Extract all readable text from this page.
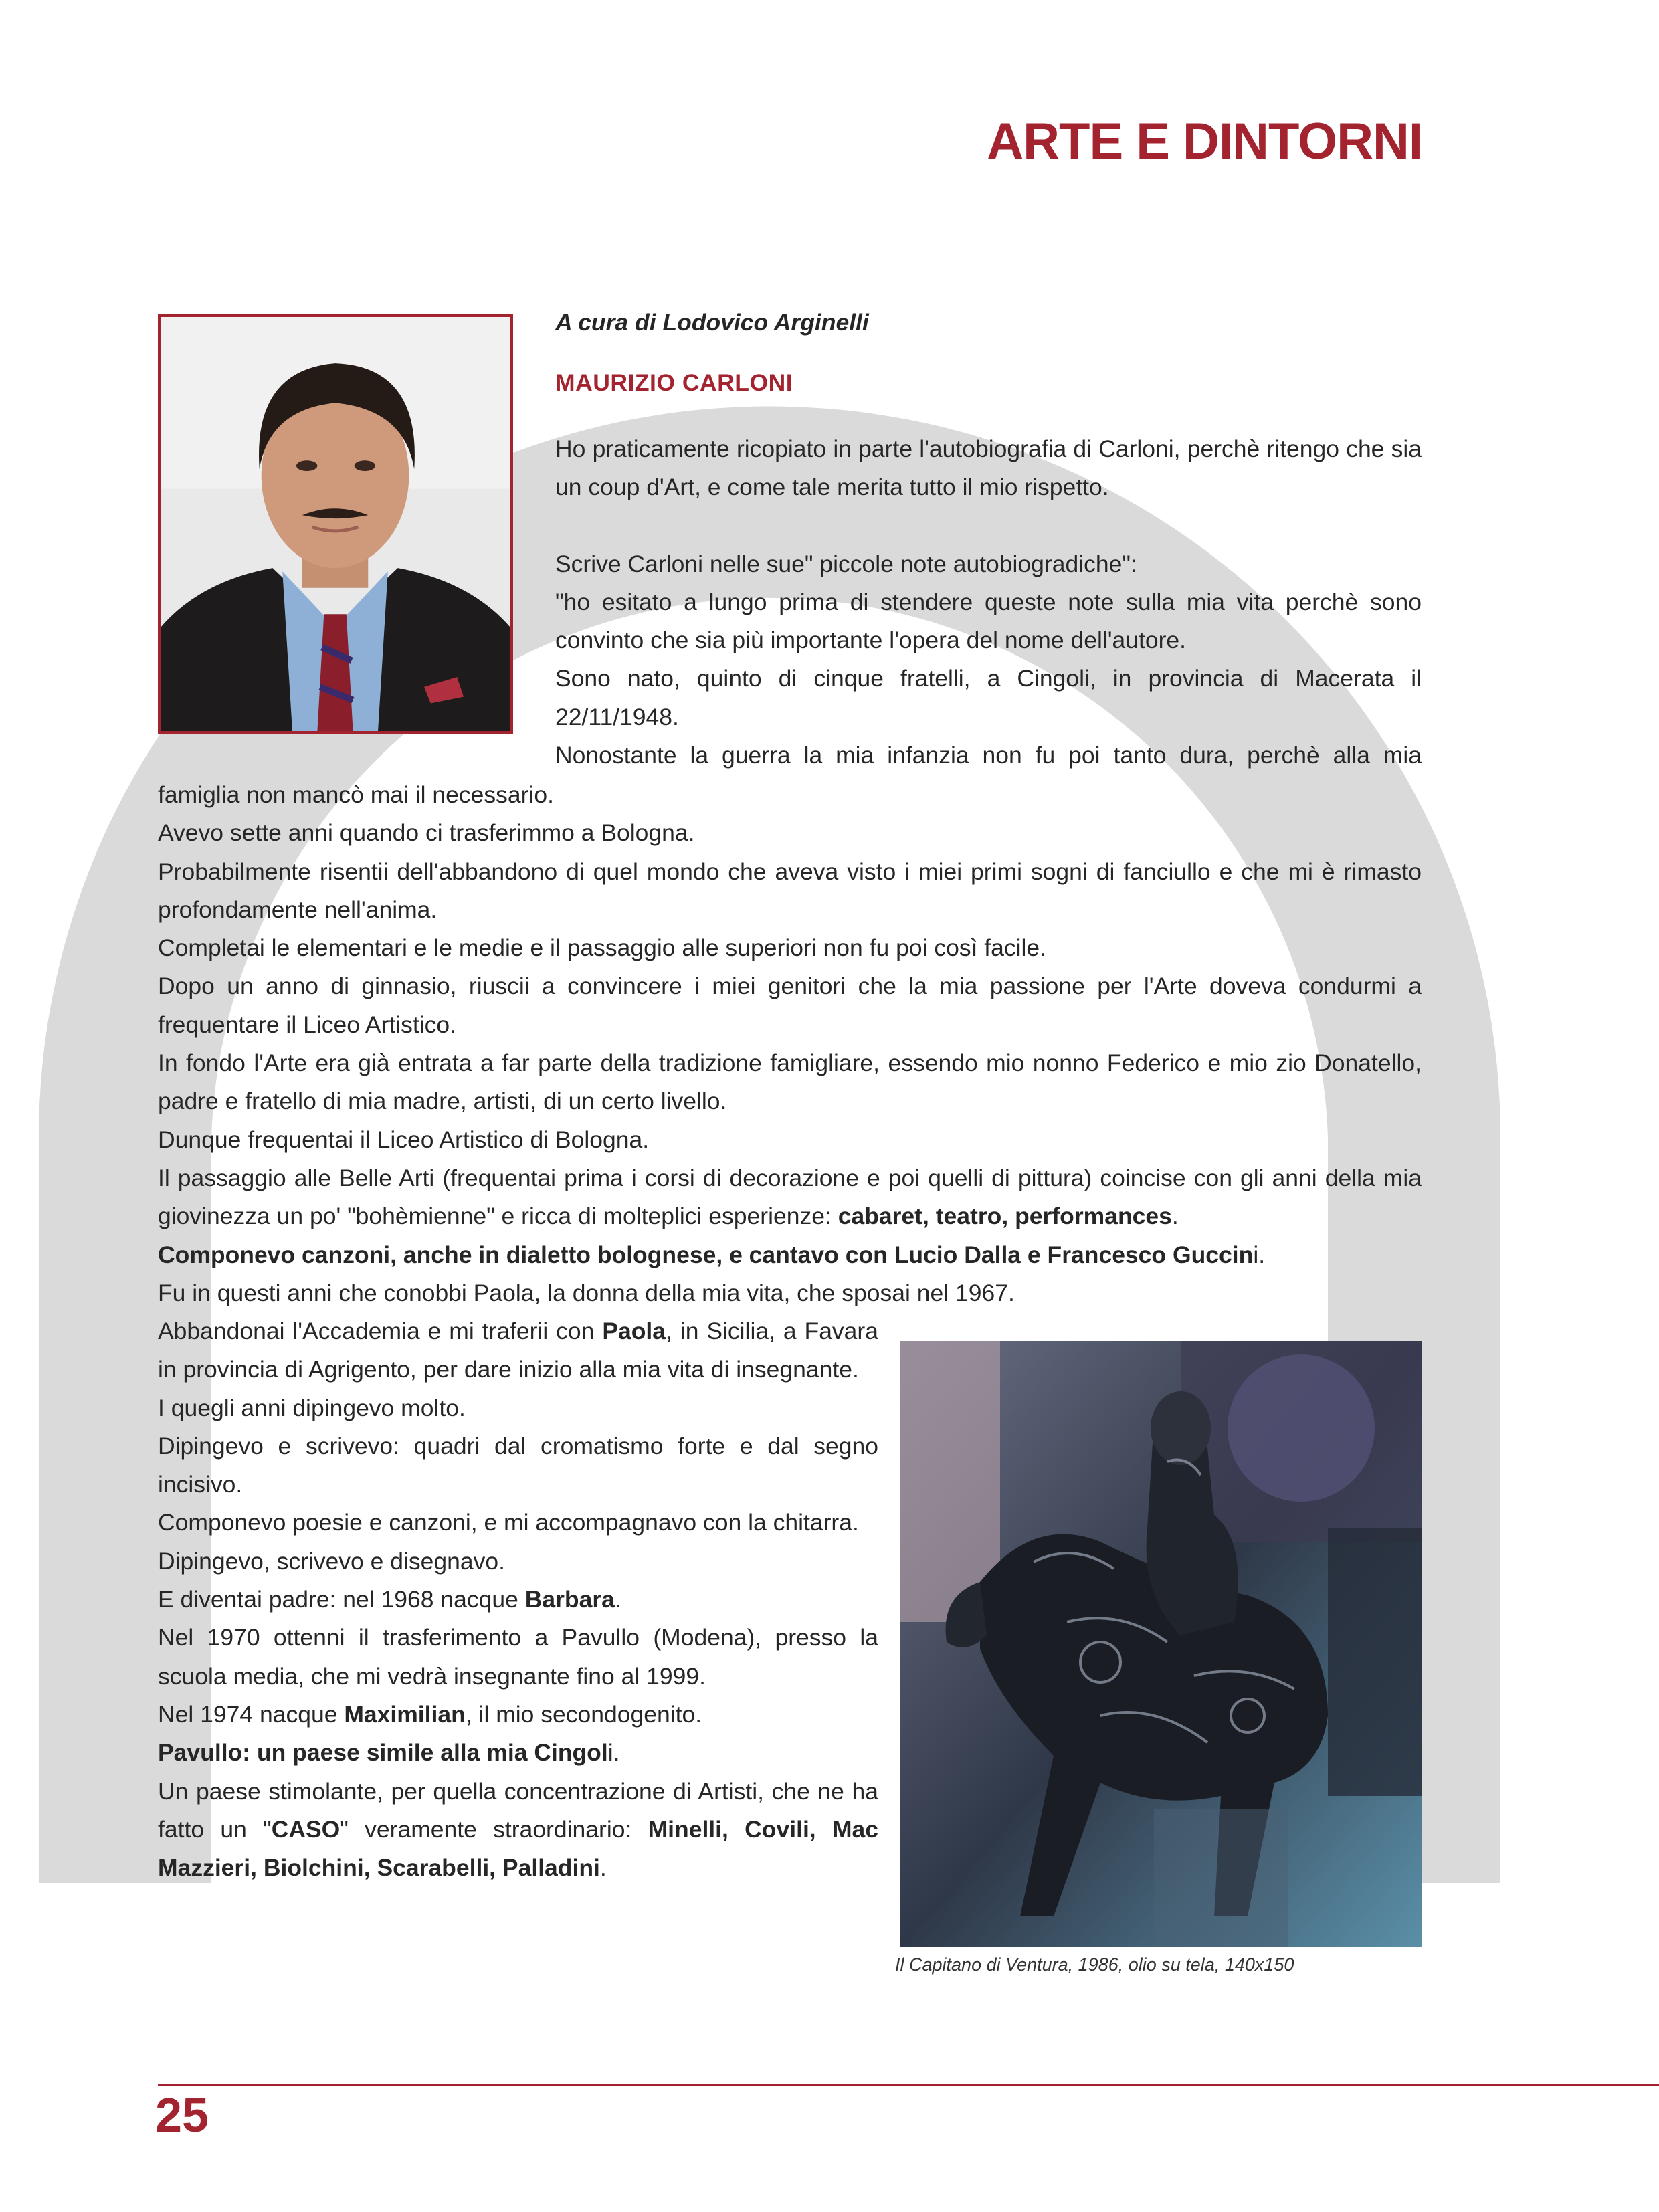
ARTE E DINTORNI
A cura di Lodovico Arginelli
MAURIZIO CARLONI

Ho praticamente ricopiato in parte l'autobiografia di Carloni, perchè ritengo che sia un coup d'Art, e come tale merita tutto il mio rispetto.

Scrive Carloni nelle sue" piccole note autobiogradiche":

"ho esitato a lungo prima di stendere queste note sulla mia vita perchè sono convinto che sia più importante l'opera del nome dell'autore.

Sono nato, quinto di cinque fratelli, a Cingoli, in provincia di Macerata il 22/11/1948.

Nonostante la guerra la mia infanzia non fu poi tanto dura, perchè alla mia

famiglia non mancò mai il necessario.

Avevo sette anni quando ci trasferimmo a Bologna.

Probabilmente risentii dell'abbandono di quel mondo che aveva visto i miei primi sogni di fanciullo e che mi è rimasto profondamente nell'anima.

Completai le elementari e le medie e il passaggio alle superiori non fu poi così facile.

Dopo un anno di ginnasio, riuscii a convincere i miei genitori che la mia passione per l'Arte doveva condurmi a frequentare il Liceo Artistico.

In fondo l'Arte era già entrata a far parte della tradizione famigliare, essendo mio nonno Federico e mio zio Donatello, padre e fratello di mia madre, artisti, di un certo livello.

Dunque frequentai il Liceo Artistico di Bologna.

Il passaggio alle Belle Arti (frequentai prima i corsi di decorazione e poi quelli di pittura) coincise con gli anni della mia giovinezza un po' "bohèmienne" e ricca di molteplici esperienze: cabaret, teatro, performances.

Componevo canzoni, anche in dialetto bolognese, e cantavo con Lucio Dalla e Francesco Guccini.

Fu in questi anni che conobbi Paola, la donna della mia vita, che sposai nel 1967.

Abbandonai l'Accademia e mi traferii con Paola, in Sicilia, a Favara in provincia di Agrigento, per dare inizio alla mia vita di insegnante.

I quegli anni dipingevo molto.

Dipingevo e scrivevo: quadri dal cromatismo forte e dal segno incisivo.

Componevo poesie e canzoni, e mi accompagnavo con la chitarra.

Dipingevo, scrivevo e disegnavo.

E diventai padre: nel 1968 nacque Barbara.

Nel 1970 ottenni il trasferimento a Pavullo (Modena), presso la scuola media, che mi vedrà insegnante fino al 1999.

Nel 1974 nacque Maximilian, il mio secondogenito.

Pavullo: un paese simile alla mia Cingoli.

Un paese stimolante, per quella concentrazione di Artisti, che ne ha fatto un "CASO" veramente straordinario: Minelli, Covili, Mac Mazzieri, Biolchini, Scarabelli, Palladini.

Il Capitano di Ventura, 1986, olio su tela, 140x150
25
